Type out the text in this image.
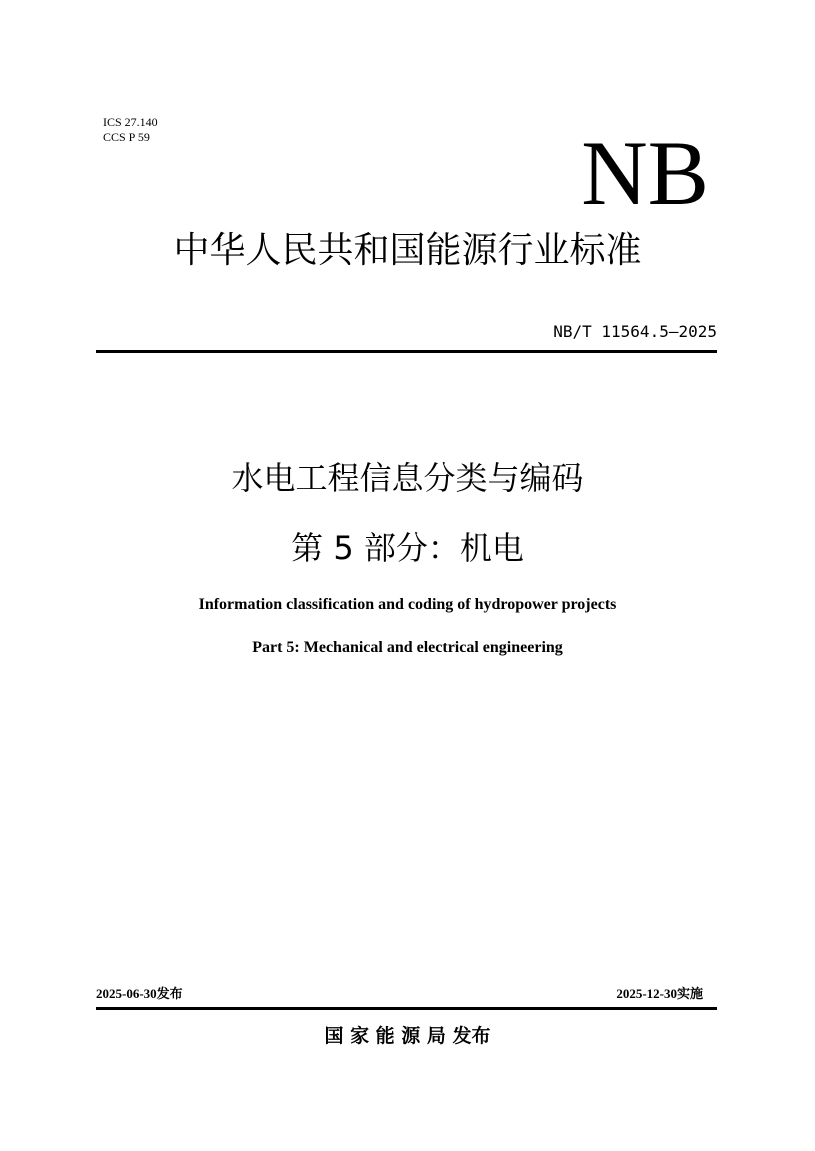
ICS 27.140
CCS P 59	NB
中华人民共和国能源行业标准
NB/T 11564.5—2025
水电工程信息分类与编码
第 5 部分：机电
Information classification and coding of hydropower projects
Part 5: Mechanical and electrical engineering
2025-06-30发布	2025-12-30实施
国 家 能 源 局 发布
